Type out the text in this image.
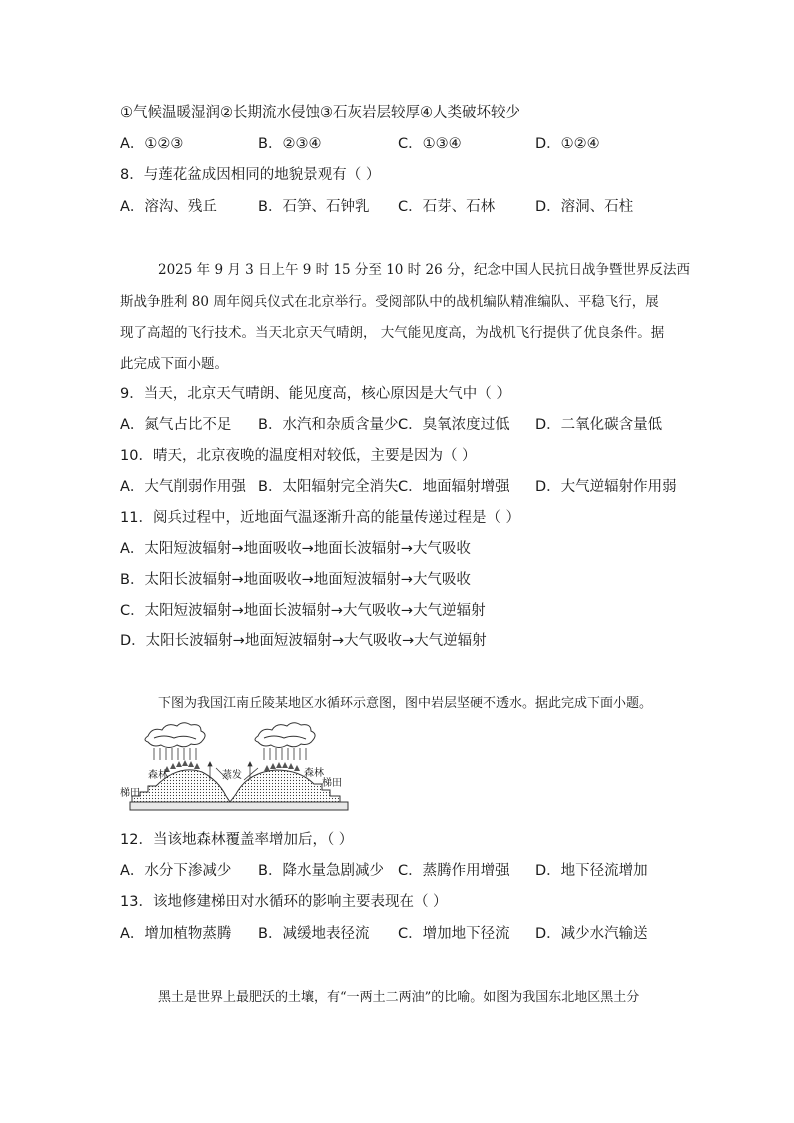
①气候温暖湿润②长期流水侵蚀③石灰岩层较厚④人类破坏较少
A．①②③	B．②③④	C．①③④	D．①②④
8．与莲花盆成因相同的地貌景观有（ ）
A．溶沟、残丘	B．石笋、石钟乳 C．石芽、石林	D．溶洞、石柱
2025 年 9 月 3 日上午 9 时 15 分至 10 时 26 分，纪念中国人民抗日战争暨世界反法西
斯战争胜利 80 周年阅兵仪式在北京举行。受阅部队中的战机编队精准编队、平稳飞行，展
现了高超的飞行技术。当天北京天气晴朗， 大气能见度高，为战机飞行提供了优良条件。据
此完成下面小题。
9．当天，北京天气晴朗、能见度高，核心原因是大气中（ ）
A．氮气占比不足 B．水汽和杂质含量少 C．臭氧浓度过低 D．二氧化碳含量低
10．晴天，北京夜晚的温度相对较低，主要是因为（ ）
A．大气削弱作用强 B．太阳辐射完全消失 C．地面辐射增强 D．大气逆辐射作用弱
11．阅兵过程中，近地面气温逐渐升高的能量传递过程是（ ）
A．太阳短波辐射→地面吸收→地面长波辐射→大气吸收
B．太阳长波辐射→地面吸收→地面短波辐射→大气吸收
C．太阳短波辐射→地面长波辐射→大气吸收→大气逆辐射
D．太阳长波辐射→地面短波辐射→大气吸收→大气逆辐射
下图为我国江南丘陵某地区水循环示意图，图中岩层坚硬不透水。据此完成下面小题。
森林	森林
梯田
梯田
蒸发
12．当该地森林覆盖率增加后，（ ）
A．水分下渗减少 B．降水量急剧减少 C．蒸腾作用增强 D．地下径流增加
13．该地修建梯田对水循环的影响主要表现在（ ）
A．增加植物蒸腾 B．减缓地表径流 C．增加地下径流 D．减少水汽输送
黑土是世界上最肥沃的土壤，有“一两土二两油”的比喻。如图为我国东北地区黑土分
